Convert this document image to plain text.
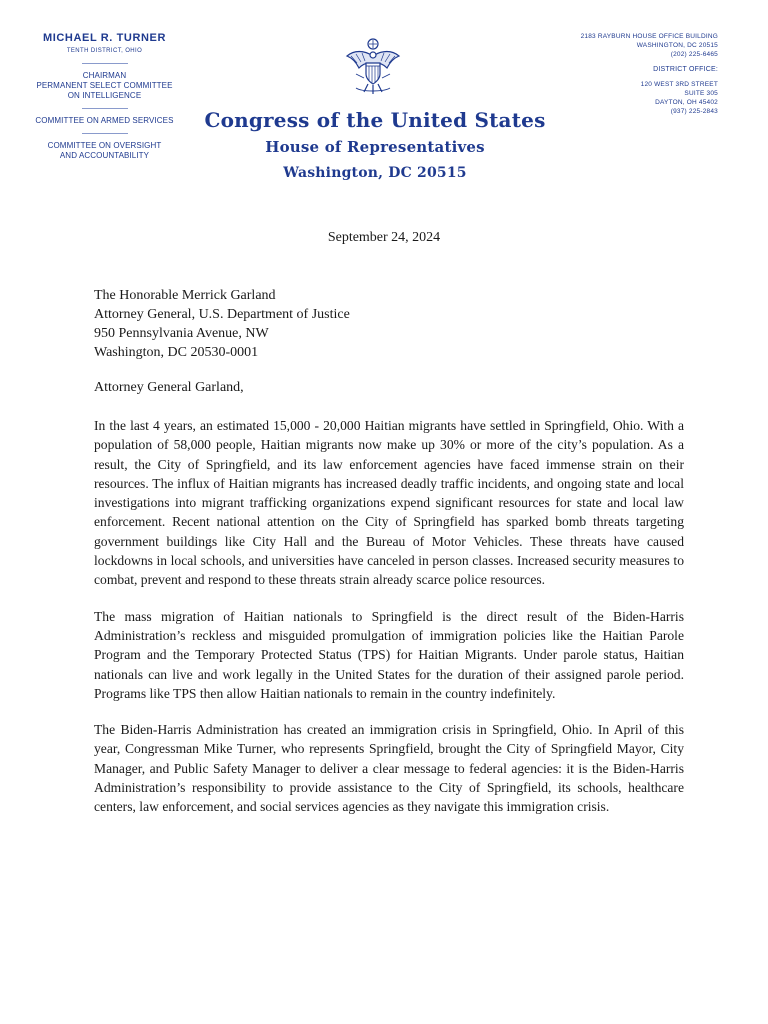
MICHAEL R. TURNER
TENTH DISTRICT, OHIO
CHAIRMAN
PERMANENT SELECT COMMITTEE
ON INTELLIGENCE
COMMITTEE ON ARMED SERVICES
COMMITTEE ON OVERSIGHT
AND ACCOUNTABILITY
2183 RAYBURN HOUSE OFFICE BUILDING
WASHINGTON, DC 20515
(202) 225-6465
DISTRICT OFFICE:
120 WEST 3RD STREET
SUITE 305
DAYTON, OH 45402
(937) 225-2843
Congress of the United States
House of Representatives
Washington, DC 20515
September 24, 2024
The Honorable Merrick Garland
Attorney General, U.S. Department of Justice
950 Pennsylvania Avenue, NW
Washington, DC 20530-0001
Attorney General Garland,

In the last 4 years, an estimated 15,000 - 20,000 Haitian migrants have settled in Springfield, Ohio. With a population of 58,000 people, Haitian migrants now make up 30% or more of the city’s population. As a result, the City of Springfield, and its law enforcement agencies have faced immense strain on their resources. The influx of Haitian migrants has increased deadly traffic incidents, and ongoing state and local investigations into migrant trafficking organizations expend significant resources for state and local law enforcement. Recent national attention on the City of Springfield has sparked bomb threats targeting government buildings like City Hall and the Bureau of Motor Vehicles. These threats have caused lockdowns in local schools, and universities have canceled in person classes. Increased security measures to combat, prevent and respond to these threats strain already scarce police resources.

The mass migration of Haitian nationals to Springfield is the direct result of the Biden-Harris Administration’s reckless and misguided promulgation of immigration policies like the Haitian Parole Program and the Temporary Protected Status (TPS) for Haitian Migrants. Under parole status, Haitian nationals can live and work legally in the United States for the duration of their assigned parole period. Programs like TPS then allow Haitian nationals to remain in the country indefinitely.

The Biden-Harris Administration has created an immigration crisis in Springfield, Ohio. In April of this year, Congressman Mike Turner, who represents Springfield, brought the City of Springfield Mayor, City Manager, and Public Safety Manager to deliver a clear message to federal agencies: it is the Biden-Harris Administration’s responsibility to provide assistance to the City of Springfield, its schools, healthcare centers, law enforcement, and social services agencies as they navigate this immigration crisis.
